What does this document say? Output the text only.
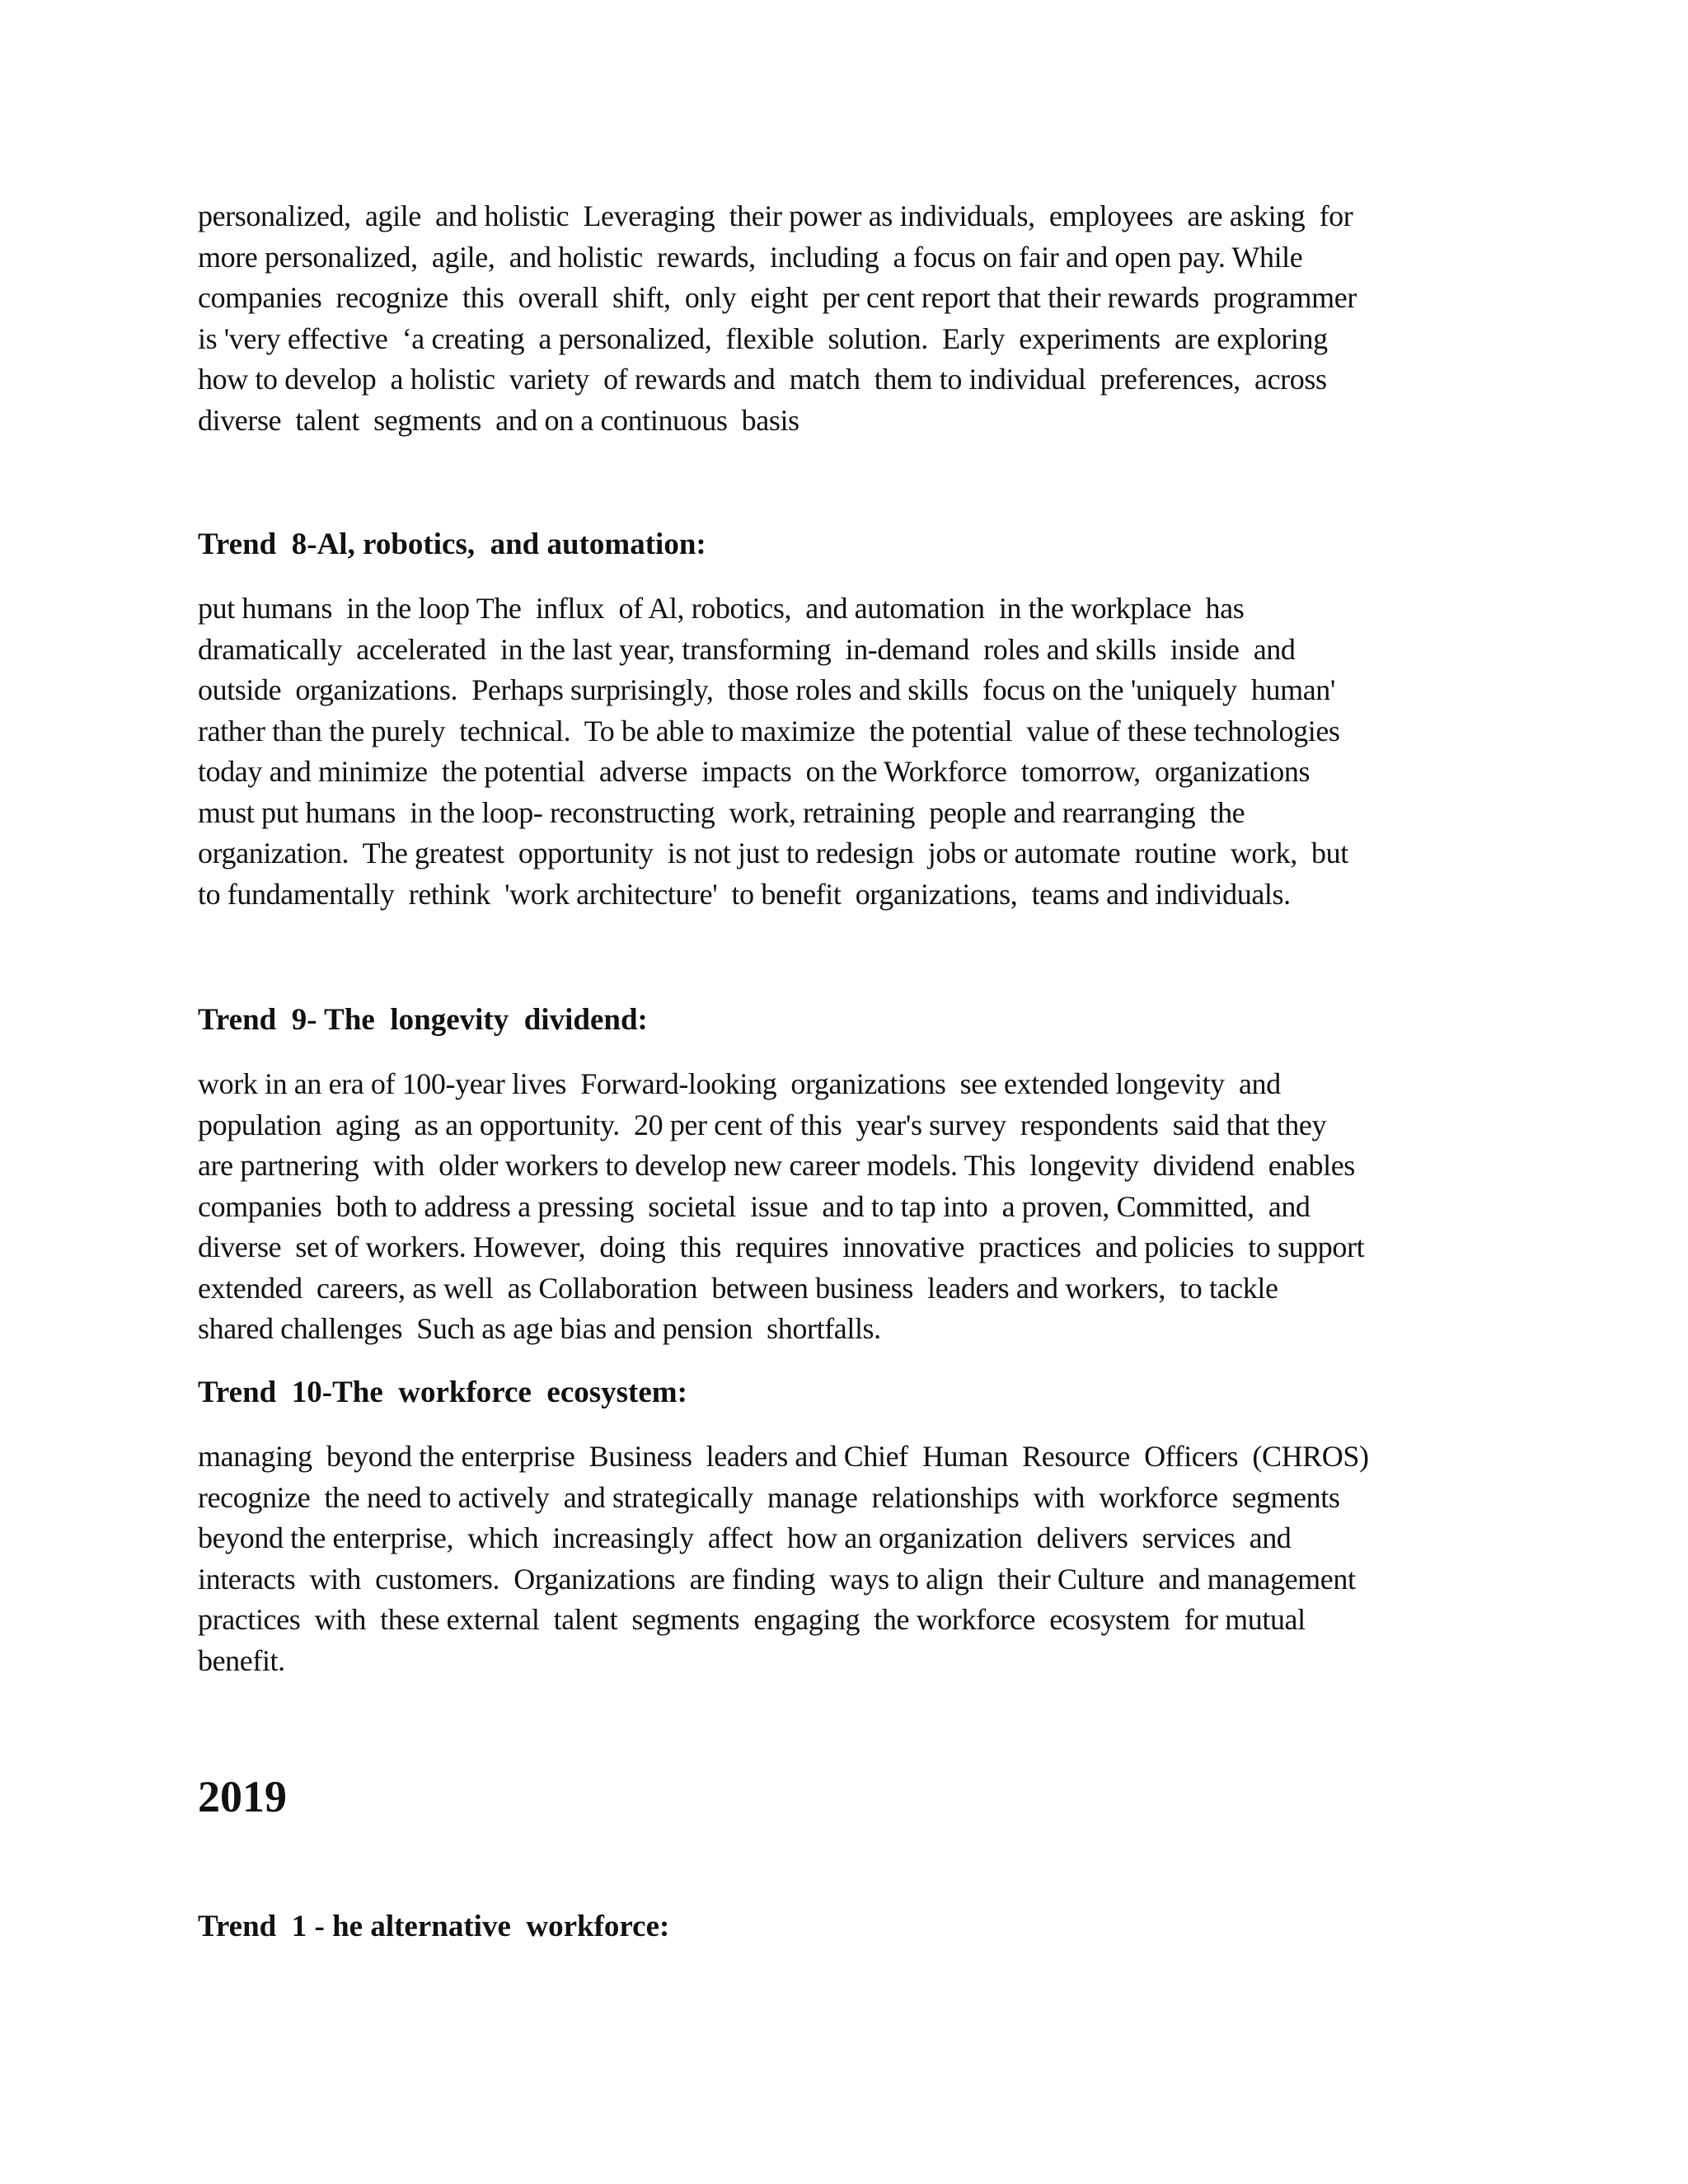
personalized,  agile  and holistic  Leveraging  their power as individuals,  employees  are asking  for
more personalized,  agile,  and holistic  rewards,  including  a focus on fair and open pay. While
companies  recognize  this  overall  shift,  only  eight  per cent report that their rewards  programmer
is 'very effective  ‘a creating  a personalized,  flexible  solution.  Early  experiments  are exploring
how to develop  a holistic  variety  of rewards and  match  them to individual  preferences,  across
diverse  talent  segments  and on a continuous  basis
Trend  8-Al, robotics,  and automation:
put humans  in the loop The  influx  of Al, robotics,  and automation  in the workplace  has
dramatically  accelerated  in the last year, transforming  in-demand  roles and skills  inside  and
outside  organizations.  Perhaps surprisingly,  those roles and skills  focus on the 'uniquely  human'
rather than the purely  technical.  To be able to maximize  the potential  value of these technologies
today and minimize  the potential  adverse  impacts  on the Workforce  tomorrow,  organizations
must put humans  in the loop- reconstructing  work, retraining  people and rearranging  the
organization.  The greatest  opportunity  is not just to redesign  jobs or automate  routine  work,  but
to fundamentally  rethink  'work architecture'  to benefit  organizations,  teams and individuals.
Trend  9- The  longevity  dividend:
work in an era of 100-year lives  Forward-looking  organizations  see extended longevity  and
population  aging  as an opportunity.  20 per cent of this  year's survey  respondents  said that they
are partnering  with  older workers to develop new career models. This  longevity  dividend  enables
companies  both to address a pressing  societal  issue  and to tap into  a proven, Committed,  and
diverse  set of workers. However,  doing  this  requires  innovative  practices  and policies  to support
extended  careers, as well  as Collaboration  between business  leaders and workers,  to tackle
shared challenges  Such as age bias and pension  shortfalls.
Trend  10-The  workforce  ecosystem:
managing  beyond the enterprise  Business  leaders and Chief  Human  Resource  Officers  (CHROS)
recognize  the need to actively  and strategically  manage  relationships  with  workforce  segments
beyond the enterprise,  which  increasingly  affect  how an organization  delivers  services  and
interacts  with  customers.  Organizations  are finding  ways to align  their Culture  and management
practices  with  these external  talent  segments  engaging  the workforce  ecosystem  for mutual
benefit.
2019
Trend  1 - he alternative  workforce:
